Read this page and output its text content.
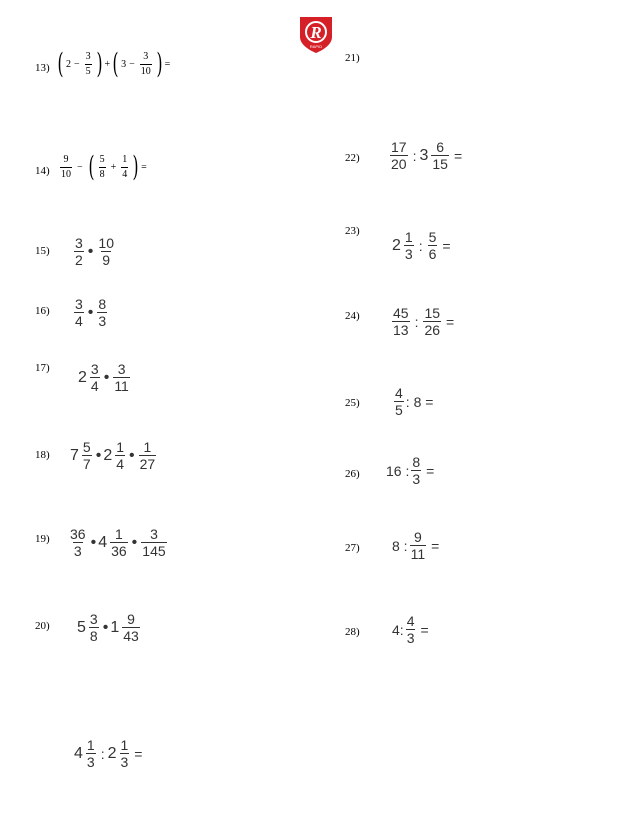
R
RAPID
13) ( $2 - \frac{3}{5}$ ) + ( $3 - \frac{3}{10}$ ) =
$14) \frac{9}{10}$ − ( $\frac{5}{8} + \frac{1}{4}$ ) =
$15) \frac{3}{2}$ • $\frac{10}{9}$
$16) \frac{3}{4}$ • $\frac{8}{3}$
17)
$2 \frac{3}{4}$ • $\frac{3}{11}$
18) $7 \frac{5}{7}$ • $2 \frac{1}{4}$ • $\frac{1}{27}$
$19) \frac{36}{3}$ • $4 \frac{1}{36}$ • $\frac{3}{145}$
20) $5 \frac{3}{8}$ • $1 \frac{9}{43}$
21)
$22) \frac{17}{20}$ : $3 \frac{6}{15}$ =
23)
$2 \frac{1}{3}$ : $\frac{5}{6}$ =
$24) \frac{45}{13}$ : $\frac{15}{26}$ =
$25) \frac{4}{5}$ : 8 =
26) 16 : $\frac{8}{3}$ =
27) 8 : $\frac{9}{11}$ =
28) 4: $\frac{4}{3}$ =
$4 \frac{1}{3}$ : $2 \frac{1}{3}$ =
